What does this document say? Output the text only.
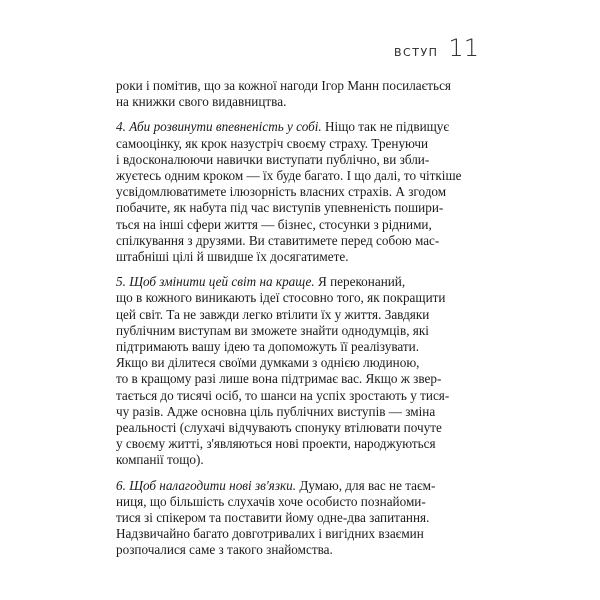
ВСТУП 11

роки і помітив, що за кожної нагоди Ігор Манн посилається
на книжки свого видавництва.

4. Аби розвинути впевненість у собі. Ніщо так не підвищує
самооцінку, як крок назустріч своєму страху. Тренуючи
і вдосконалюючи навички виступати публічно, ви збли-
жуєтесь одним кроком — їх буде багато. І що далі, то чіткіше
усвідомлюватимете ілюзорність власних страхів. А згодом
побачите, як набута під час виступів упевненість пошири-
ться на інші сфери життя — бізнес, стосунки з рідними,
спілкування з друзями. Ви ставитимете перед собою мас-
штабніші цілі й швидше їх досягатимете.

5. Щоб змінити цей світ на краще. Я переконаний,
що в кожного виникають ідеї стосовно того, як покращити
цей світ. Та не завжди легко втілити їх у життя. Завдяки
публічним виступам ви зможете знайти однодумців, які
підтримають вашу ідею та допоможуть її реалізувати.
Якщо ви ділитеся своїми думками з однією людиною,
то в кращому разі лише вона підтримає вас. Якщо ж звер-
тається до тисячі осіб, то шанси на успіх зростають у тися-
чу разів. Адже основна ціль публічних виступів — зміна
реальності (слухачі відчувають спонуку втілювати почуте
у своєму житті, з'являються нові проекти, народжуються
компанії тощо).

6. Щоб налагодити нові зв'язки. Думаю, для вас не таєм-
ниця, що більшість слухачів хоче особисто познайоми-
тися зі спікером та поставити йому одне-два запитання.
Надзвичайно багато довготривалих і вигідних взаємин
розпочалися саме з такого знайомства.
